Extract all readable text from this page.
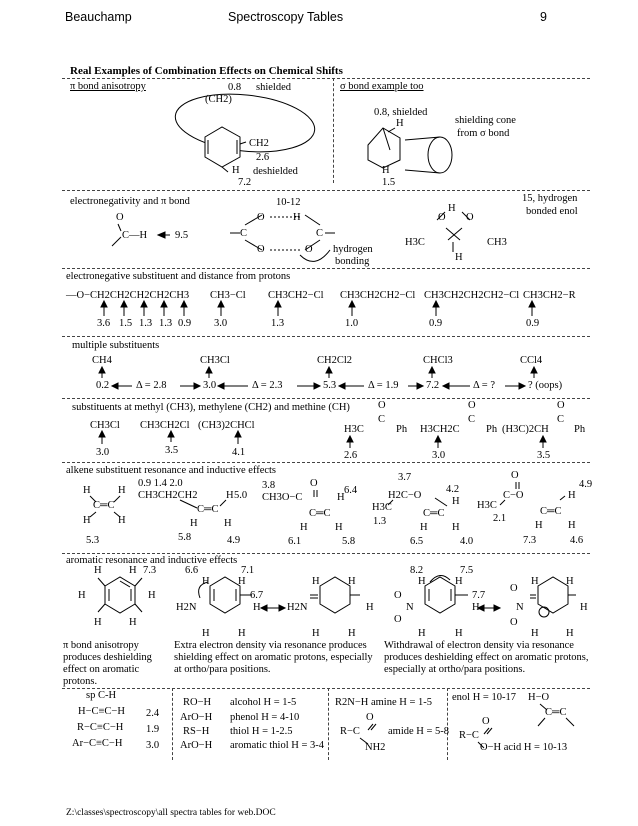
Beauchamp	Spectroscopy Tables	9
Real Examples of Combination Effects on Chemical Shifts
π bond anisotropy	σ bond example too
0.8 shielded
(CH2)
CH2
2.6
H deshielded
7.2
0.8, shielded
H	shielding cone
from σ bond
H
1.5
electronegativity and π bond
O
C—H	9.5
10-12
O	H
C	C
O	O hydrogen
bonding
15, hydrogen
bonded enol
H
O O
H3C	CH3
H
electronegative substituent and distance from protons
—O−CH2CH2CH2CH2CH3
3.6 1.5 1.3 1.3 0.9
CH3−Cl
3.0
CH3CH2−Cl
1.3
CH3CH2CH2−Cl
1.0
CH3CH2CH2CH2−Cl
0.9
CH3CH2−R
0.9
multiple substituents
CH4	CH3Cl	CH2Cl2	CHCl3	CCl4
0.2	3.0	5.3	7.2	? (oops)
Δ = 2.8	Δ = 2.3	Δ = 1.9	Δ = ?
substituents at methyl (CH3), methylene (CH2) and methine (CH)
CH3Cl CH3CH2Cl (CH3)2CHCl
3.0	3.5	4.1
O
C
H3C	Ph
2.6
O
C
H3CH2C	Ph
3.0
O
C
(H3C)2CH Ph
3.5
alkene substituent resonance and inductive effects
H	H
C═C
H	H
5.3
0.9 1.4 2.0
CH3CH2CH2	H 5.0
C═C
H	H
5.8	4.9
3.8	O
CH3O−C	H
6.4
C═C
H	H
6.1	5.8
3.7
H2C−O
4.2
H
H3C
C═C
1.3
H H
6.5	4.0
O
4.9
C−O	H
H3C
C═C
2.1
H H
7.3	4.6
aromatic resonance and inductive effects
H	H 7.3
H	H
H	H
6.6	7.1
H	H
H2N
6.7
H
H	H
H	H
H2N	H
H	H
8.2	7.5
H	H
O
N
O
7.7
H
H	H
H	H
O
N
O
H
H	H
π bond anisotropy
produces deshielding
effect on aromatic
protons.
Extra electron density via resonance produces
shielding effect on aromatic protons, especially
at ortho/para positions.
Withdrawal of electron density via resonance
produces deshielding effect on aromatic protons,
especially at ortho/para positions.
sp C-H
H−C≡C−H 2.4
R−C≡C−H 1.9
Ar−C≡C−H 3.0
RO−H alcohol H = 1-5
ArO−H phenol H = 4-10
RS−H thiol H = 1-2.5
ArO−H aromatic thiol H = 3-4
R2N−H amine H = 1-5
O
R−C	amide H = 5-8
NH2
enol H = 10-17 H−O
C═C
O
R−C
O−H acid H = 10-13
Z:\classes\spectroscopy\all spectra tables for web.DOC
